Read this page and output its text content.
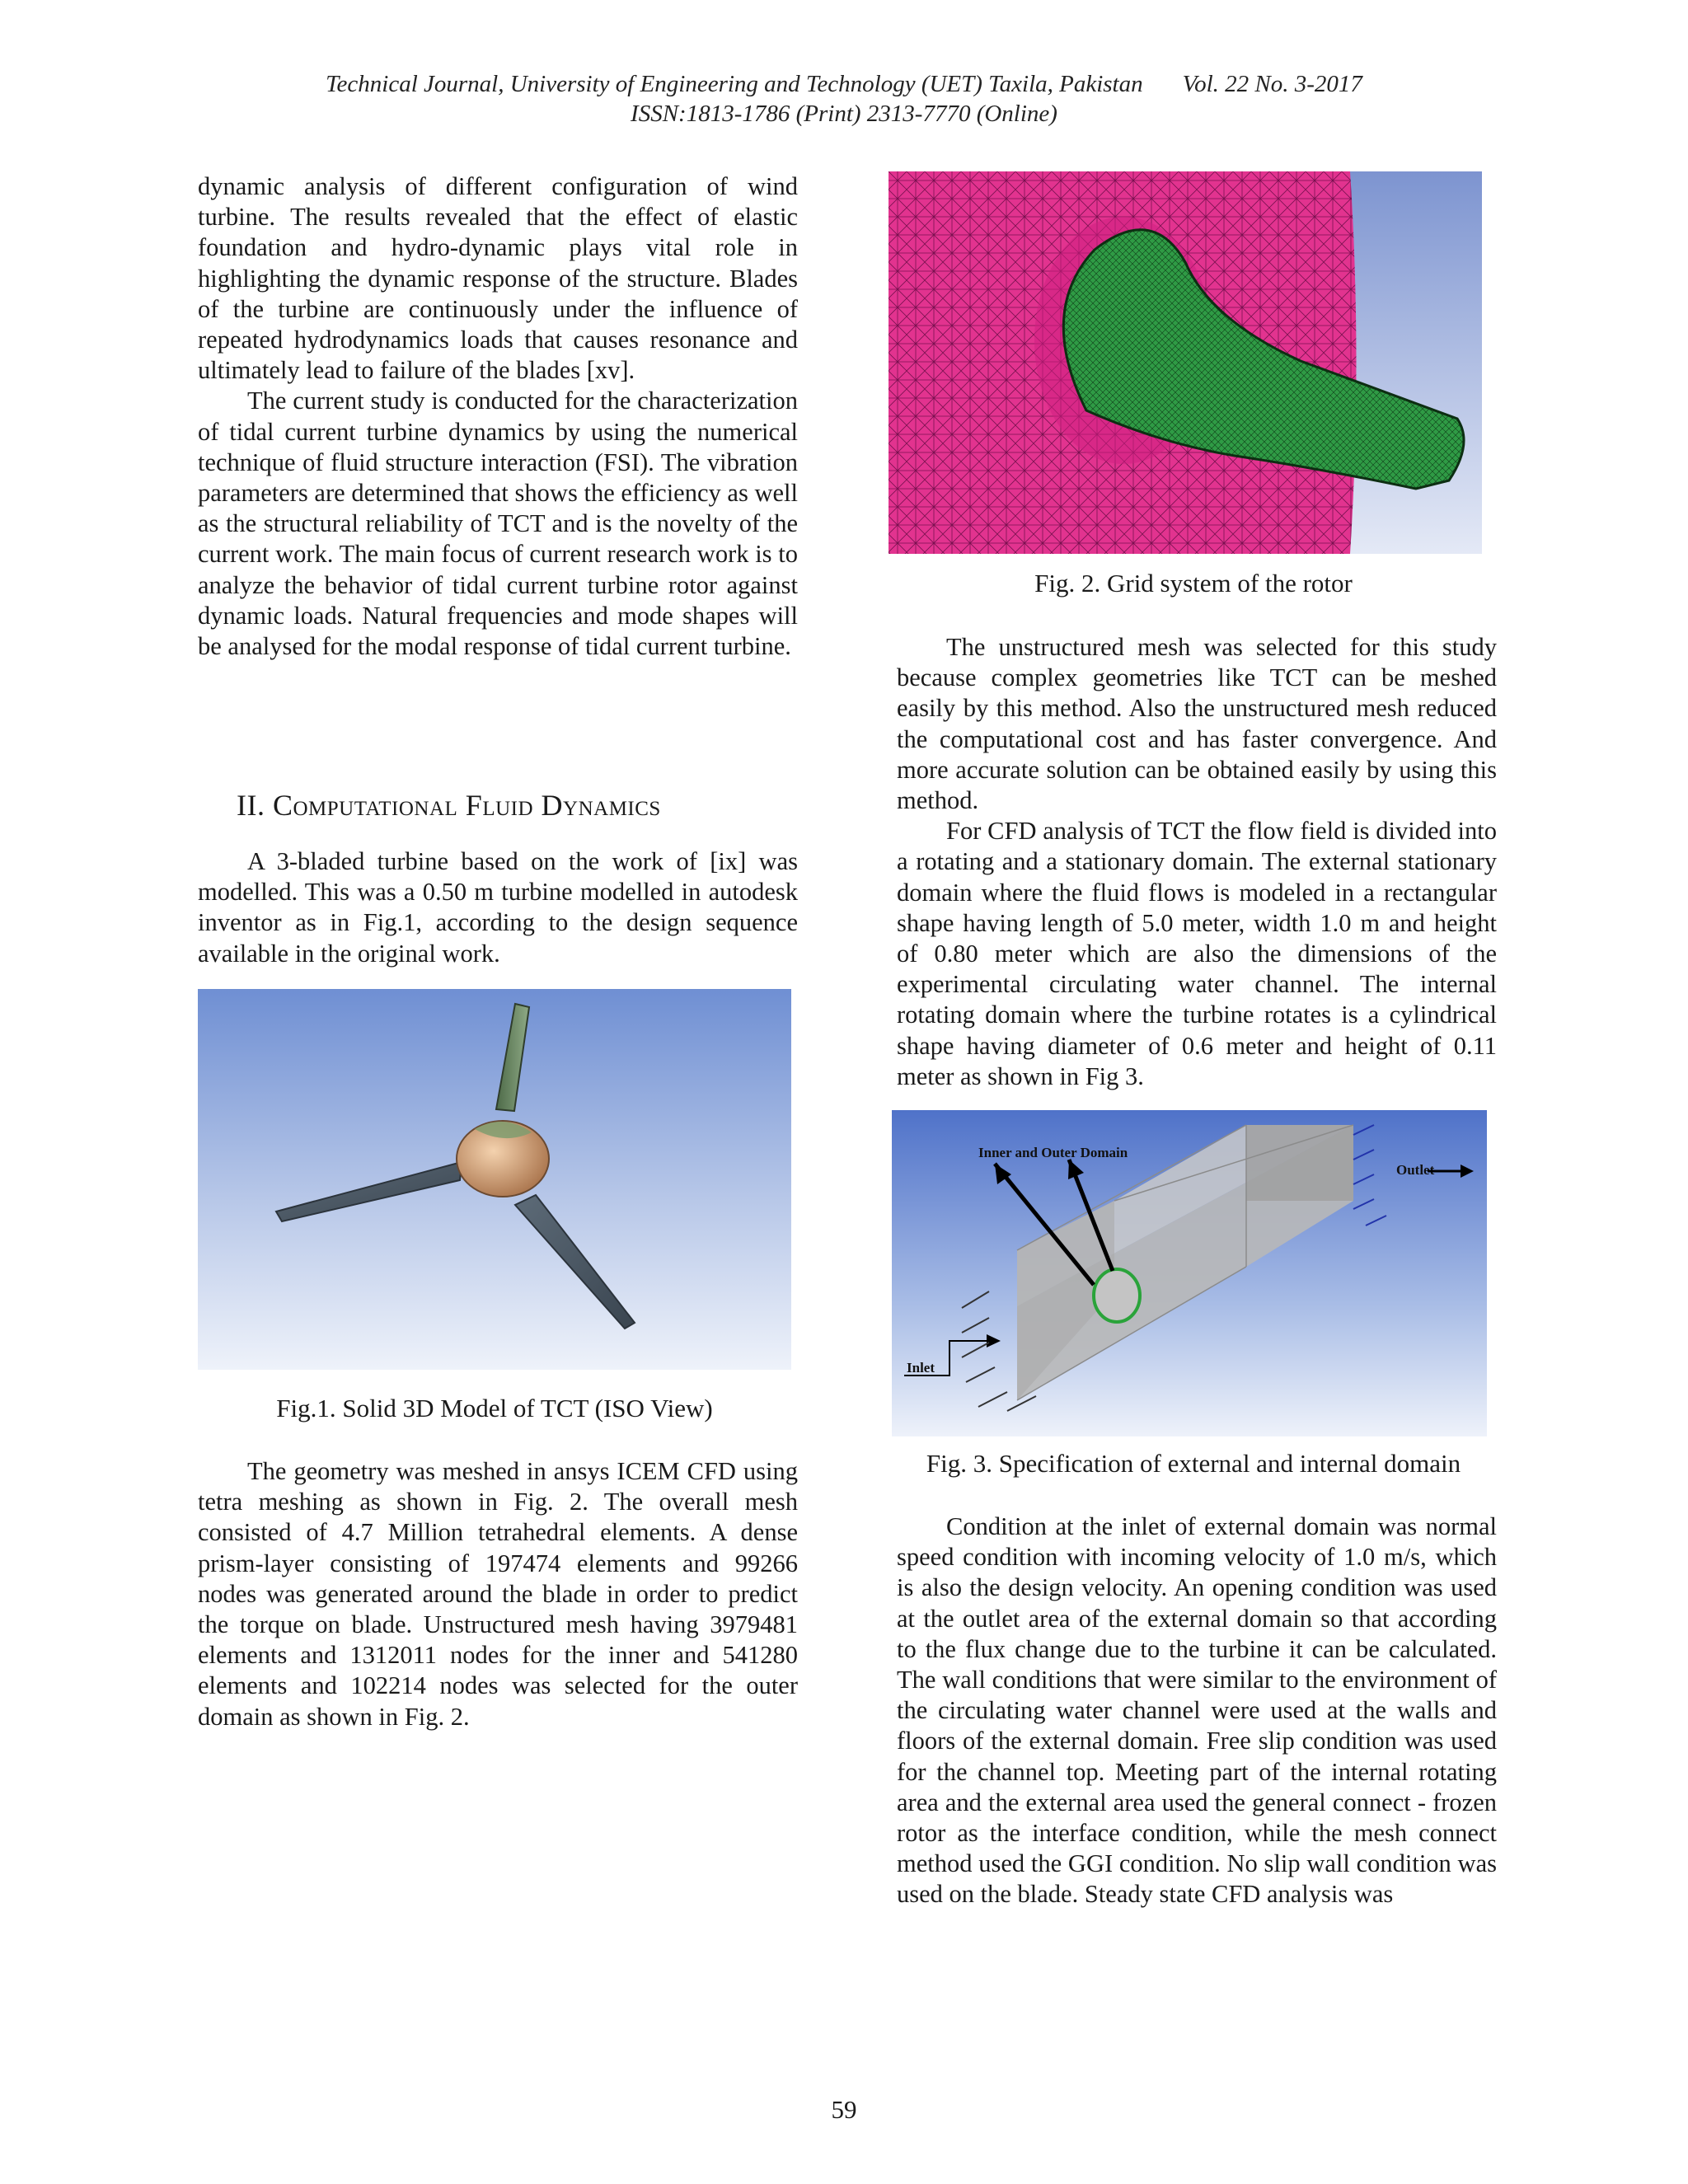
Technical Journal, University of Engineering and Technology (UET) Taxila, Pakistan Vol. 22 No. 3-2017
ISSN:1813-1786 (Print) 2313-7770 (Online)

dynamic analysis of different configuration of wind turbine. The results revealed that the effect of elastic foundation and hydro-dynamic plays vital role in highlighting the dynamic response of the structure. Blades of the turbine are continuously under the influence of repeated hydrodynamics loads that causes resonance and ultimately lead to failure of the blades [xv].

The current study is conducted for the characterization of tidal current turbine dynamics by using the numerical technique of fluid structure interaction (FSI). The vibration parameters are determined that shows the efficiency as well as the structural reliability of TCT and is the novelty of the current work. The main focus of current research work is to analyze the behavior of tidal current turbine rotor against dynamic loads. Natural frequencies and mode shapes will be analysed for the modal response of tidal current turbine.

II. Computational Fluid Dynamics

A 3-bladed turbine based on the work of [ix] was modelled. This was a 0.50 m turbine modelled in autodesk inventor as in Fig.1, according to the design sequence available in the original work.

Fig.1. Solid 3D Model of TCT (ISO View)

The geometry was meshed in ansys ICEM CFD using tetra meshing as shown in Fig. 2. The overall mesh consisted of 4.7 Million tetrahedral elements. A dense prism-layer consisting of 197474 elements and 99266 nodes was generated around the blade in order to predict the torque on blade. Unstructured mesh having 3979481 elements and 1312011 nodes for the inner and 541280 elements and 102214 nodes was selected for the outer domain as shown in Fig. 2.

Fig. 2. Grid system of the rotor

The unstructured mesh was selected for this study because complex geometries like TCT can be meshed easily by this method. Also the unstructured mesh reduced the computational cost and has faster convergence. And more accurate solution can be obtained easily by using this method.

For CFD analysis of TCT the flow field is divided into a rotating and a stationary domain. The external stationary domain where the fluid flows is modeled in a rectangular shape having length of 5.0 meter, width 1.0 m and height of 0.80 meter which are also the dimensions of the experimental circulating water channel. The internal rotating domain where the turbine rotates is a cylindrical shape having diameter of 0.6 meter and height of 0.11 meter as shown in Fig 3.

Inner and Outer Domain
Outlet
Inlet
Fig. 3. Specification of external and internal domain

Condition at the inlet of external domain was normal speed condition with incoming velocity of 1.0 m/s, which is also the design velocity. An opening condition was used at the outlet area of the external domain so that according to the flux change due to the turbine it can be calculated. The wall conditions that were similar to the environment of the circulating water channel were used at the walls and floors of the external domain. Free slip condition was used for the channel top. Meeting part of the internal rotating area and the external area used the general connect - frozen rotor as the interface condition, while the mesh connect method used the GGI condition. No slip wall condition was used on the blade. Steady state CFD analysis was

59
